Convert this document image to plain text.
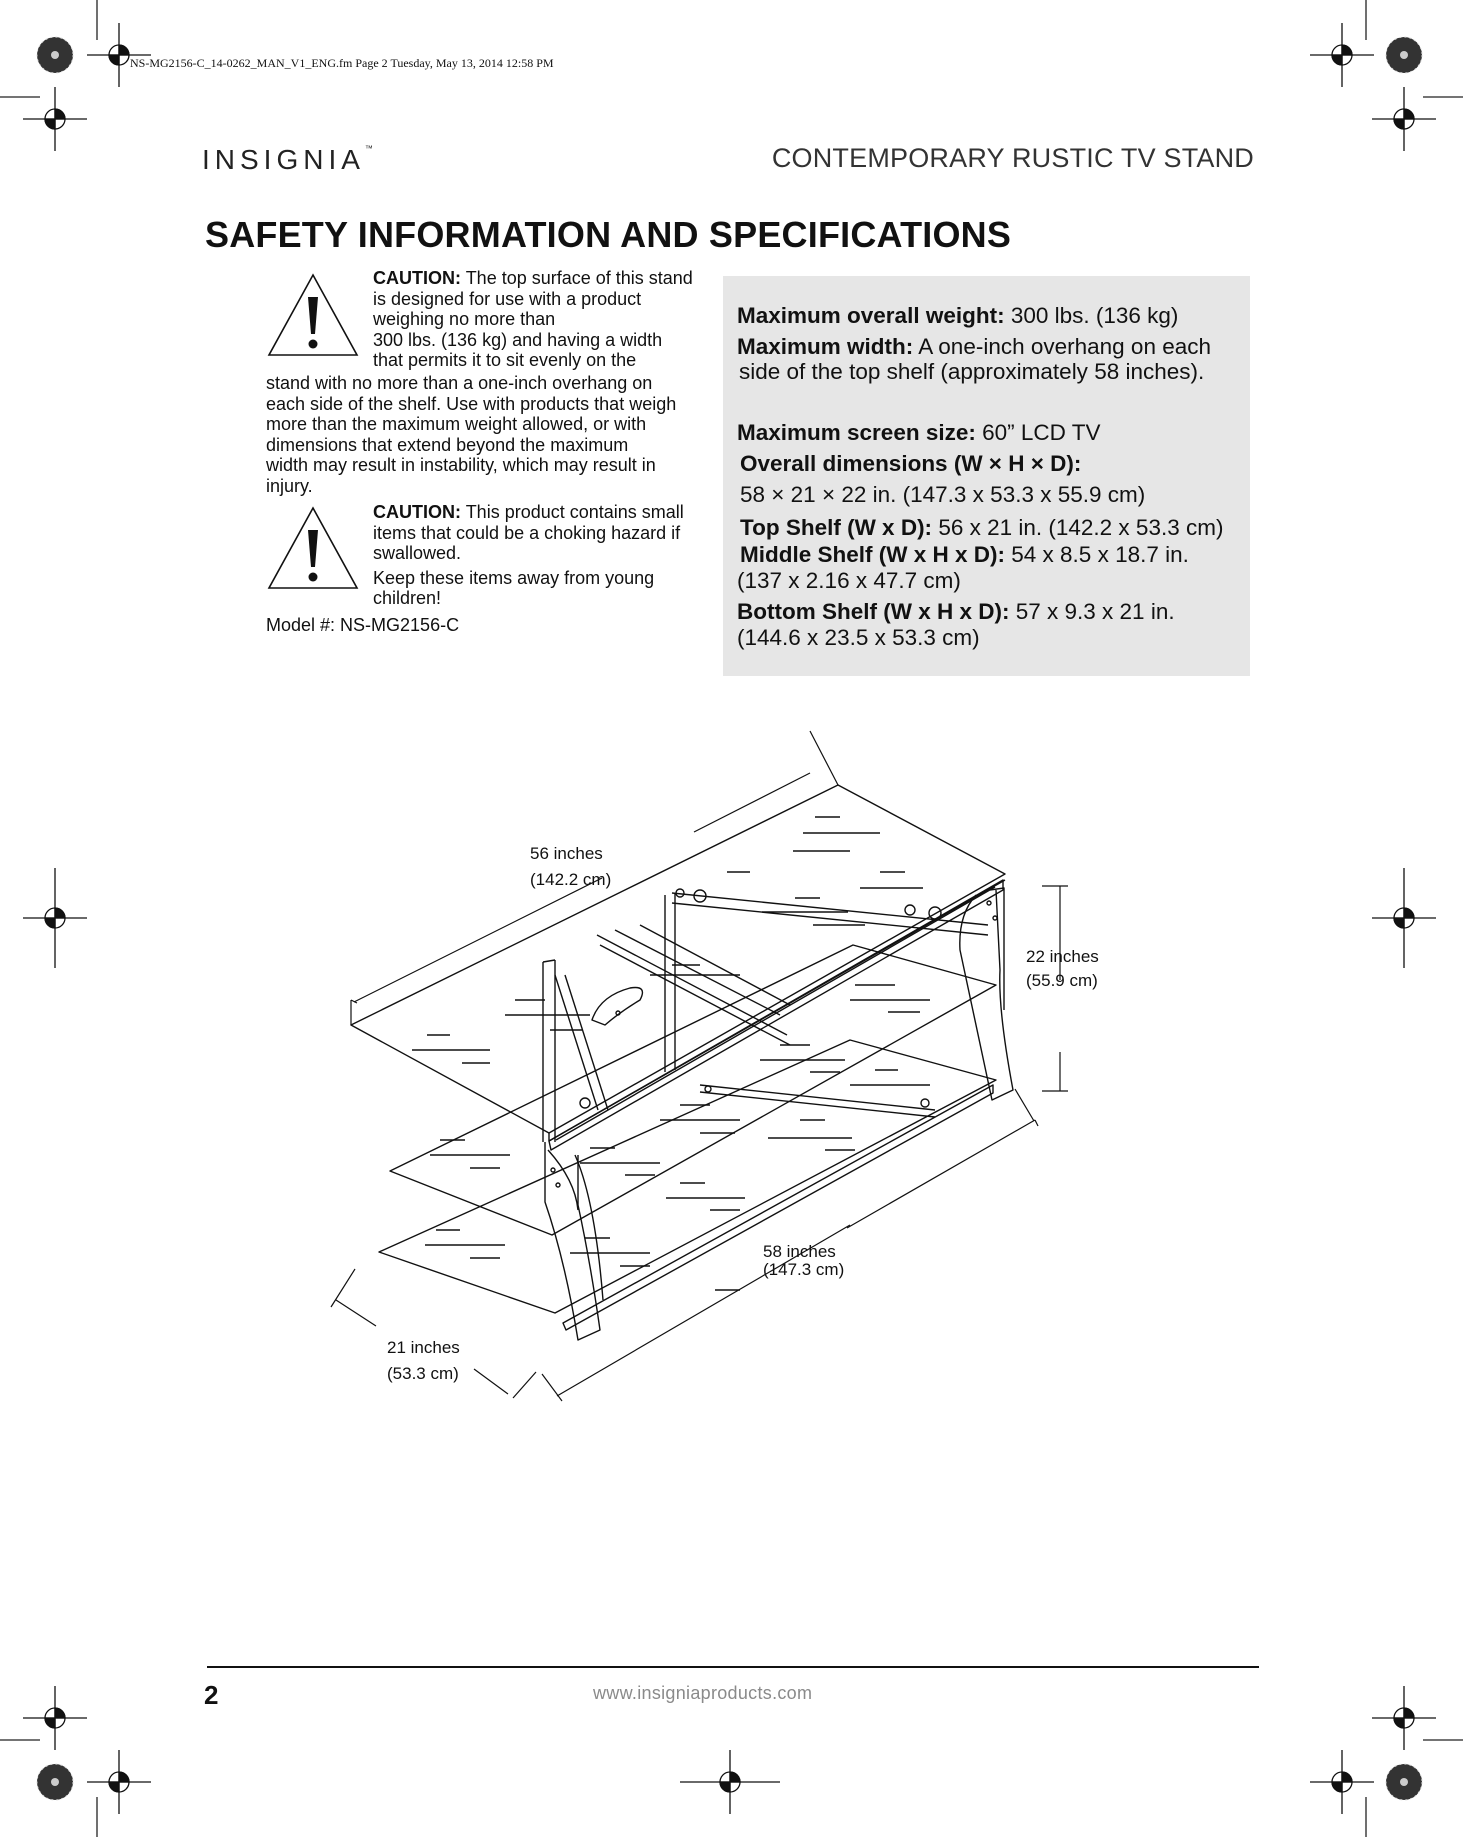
NS-MG2156-C_14-0262_MAN_V1_ENG.fm Page 2 Tuesday, May 13, 2014 12:58 PM
INSIGNIA™	CONTEMPORARY RUSTIC TV STAND
SAFETY INFORMATION AND SPECIFICATIONS
CAUTION: The top surface of this stand
is designed for use with a product
weighing no more than
300 lbs. (136 kg) and having a width
that permits it to sit evenly on the
stand with no more than a one-inch overhang on
each side of the shelf. Use with products that weigh
more than the maximum weight allowed, or with
dimensions that extend beyond the maximum
width may result in instability, which may result in
injury.
CAUTION: This product contains small
items that could be a choking hazard if
swallowed.
Keep these items away from young
children!
Model #: NS-MG2156-C
Maximum overall weight: 300 lbs. (136 kg)
Maximum width: A one-inch overhang on each
side of the top shelf (approximately 58 inches).
Maximum screen size: 60” LCD TV
Overall dimensions (W × H × D):
58 × 21 × 22 in. (147.3 x 53.3 x 55.9 cm)
Top Shelf (W x D): 56 x 21 in. (142.2 x 53.3 cm)
Middle Shelf (W x H x D): 54 x 8.5 x 18.7 in.
(137 x 2.16 x 47.7 cm)
Bottom Shelf (W x H x D): 57 x 9.3 x 21 in.
(144.6 x 23.5 x 53.3 cm)
56 inches
(142.2 cm)
22 inches
(55.9 cm)
58 inches
(147.3 cm)
21 inches
(53.3 cm)
2	www.insigniaproducts.com
